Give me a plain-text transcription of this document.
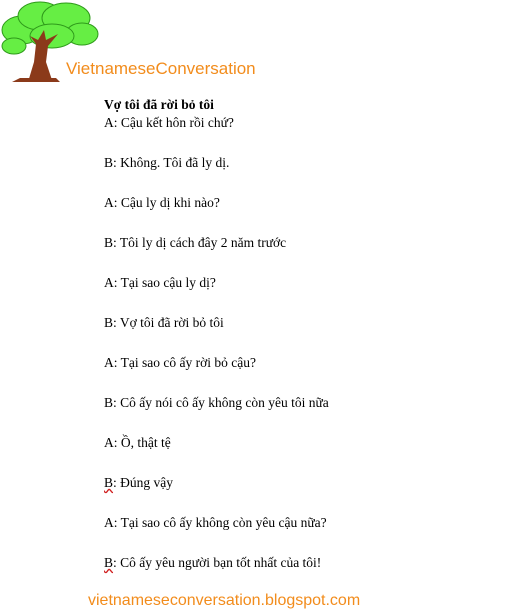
VietnameseConversation
Vợ tôi đã rời bỏ tôi
A: Cậu kết hôn rồi chứ?
B: Không. Tôi đã ly dị.
A: Cậu ly dị khi nào?
B: Tôi ly dị cách đây 2 năm trước
A: Tại sao cậu ly dị?
B: Vợ tôi đã rời bỏ tôi
A: Tại sao cô ấy rời bỏ cậu?
B: Cô ấy nói cô ấy không còn yêu tôi nữa
A: Ồ, thật tệ
B: Đúng vậy
A: Tại sao cô ấy không còn yêu cậu nữa?
B: Cô ấy yêu người bạn tốt nhất của tôi!
vietnameseconversation.blogspot.com
